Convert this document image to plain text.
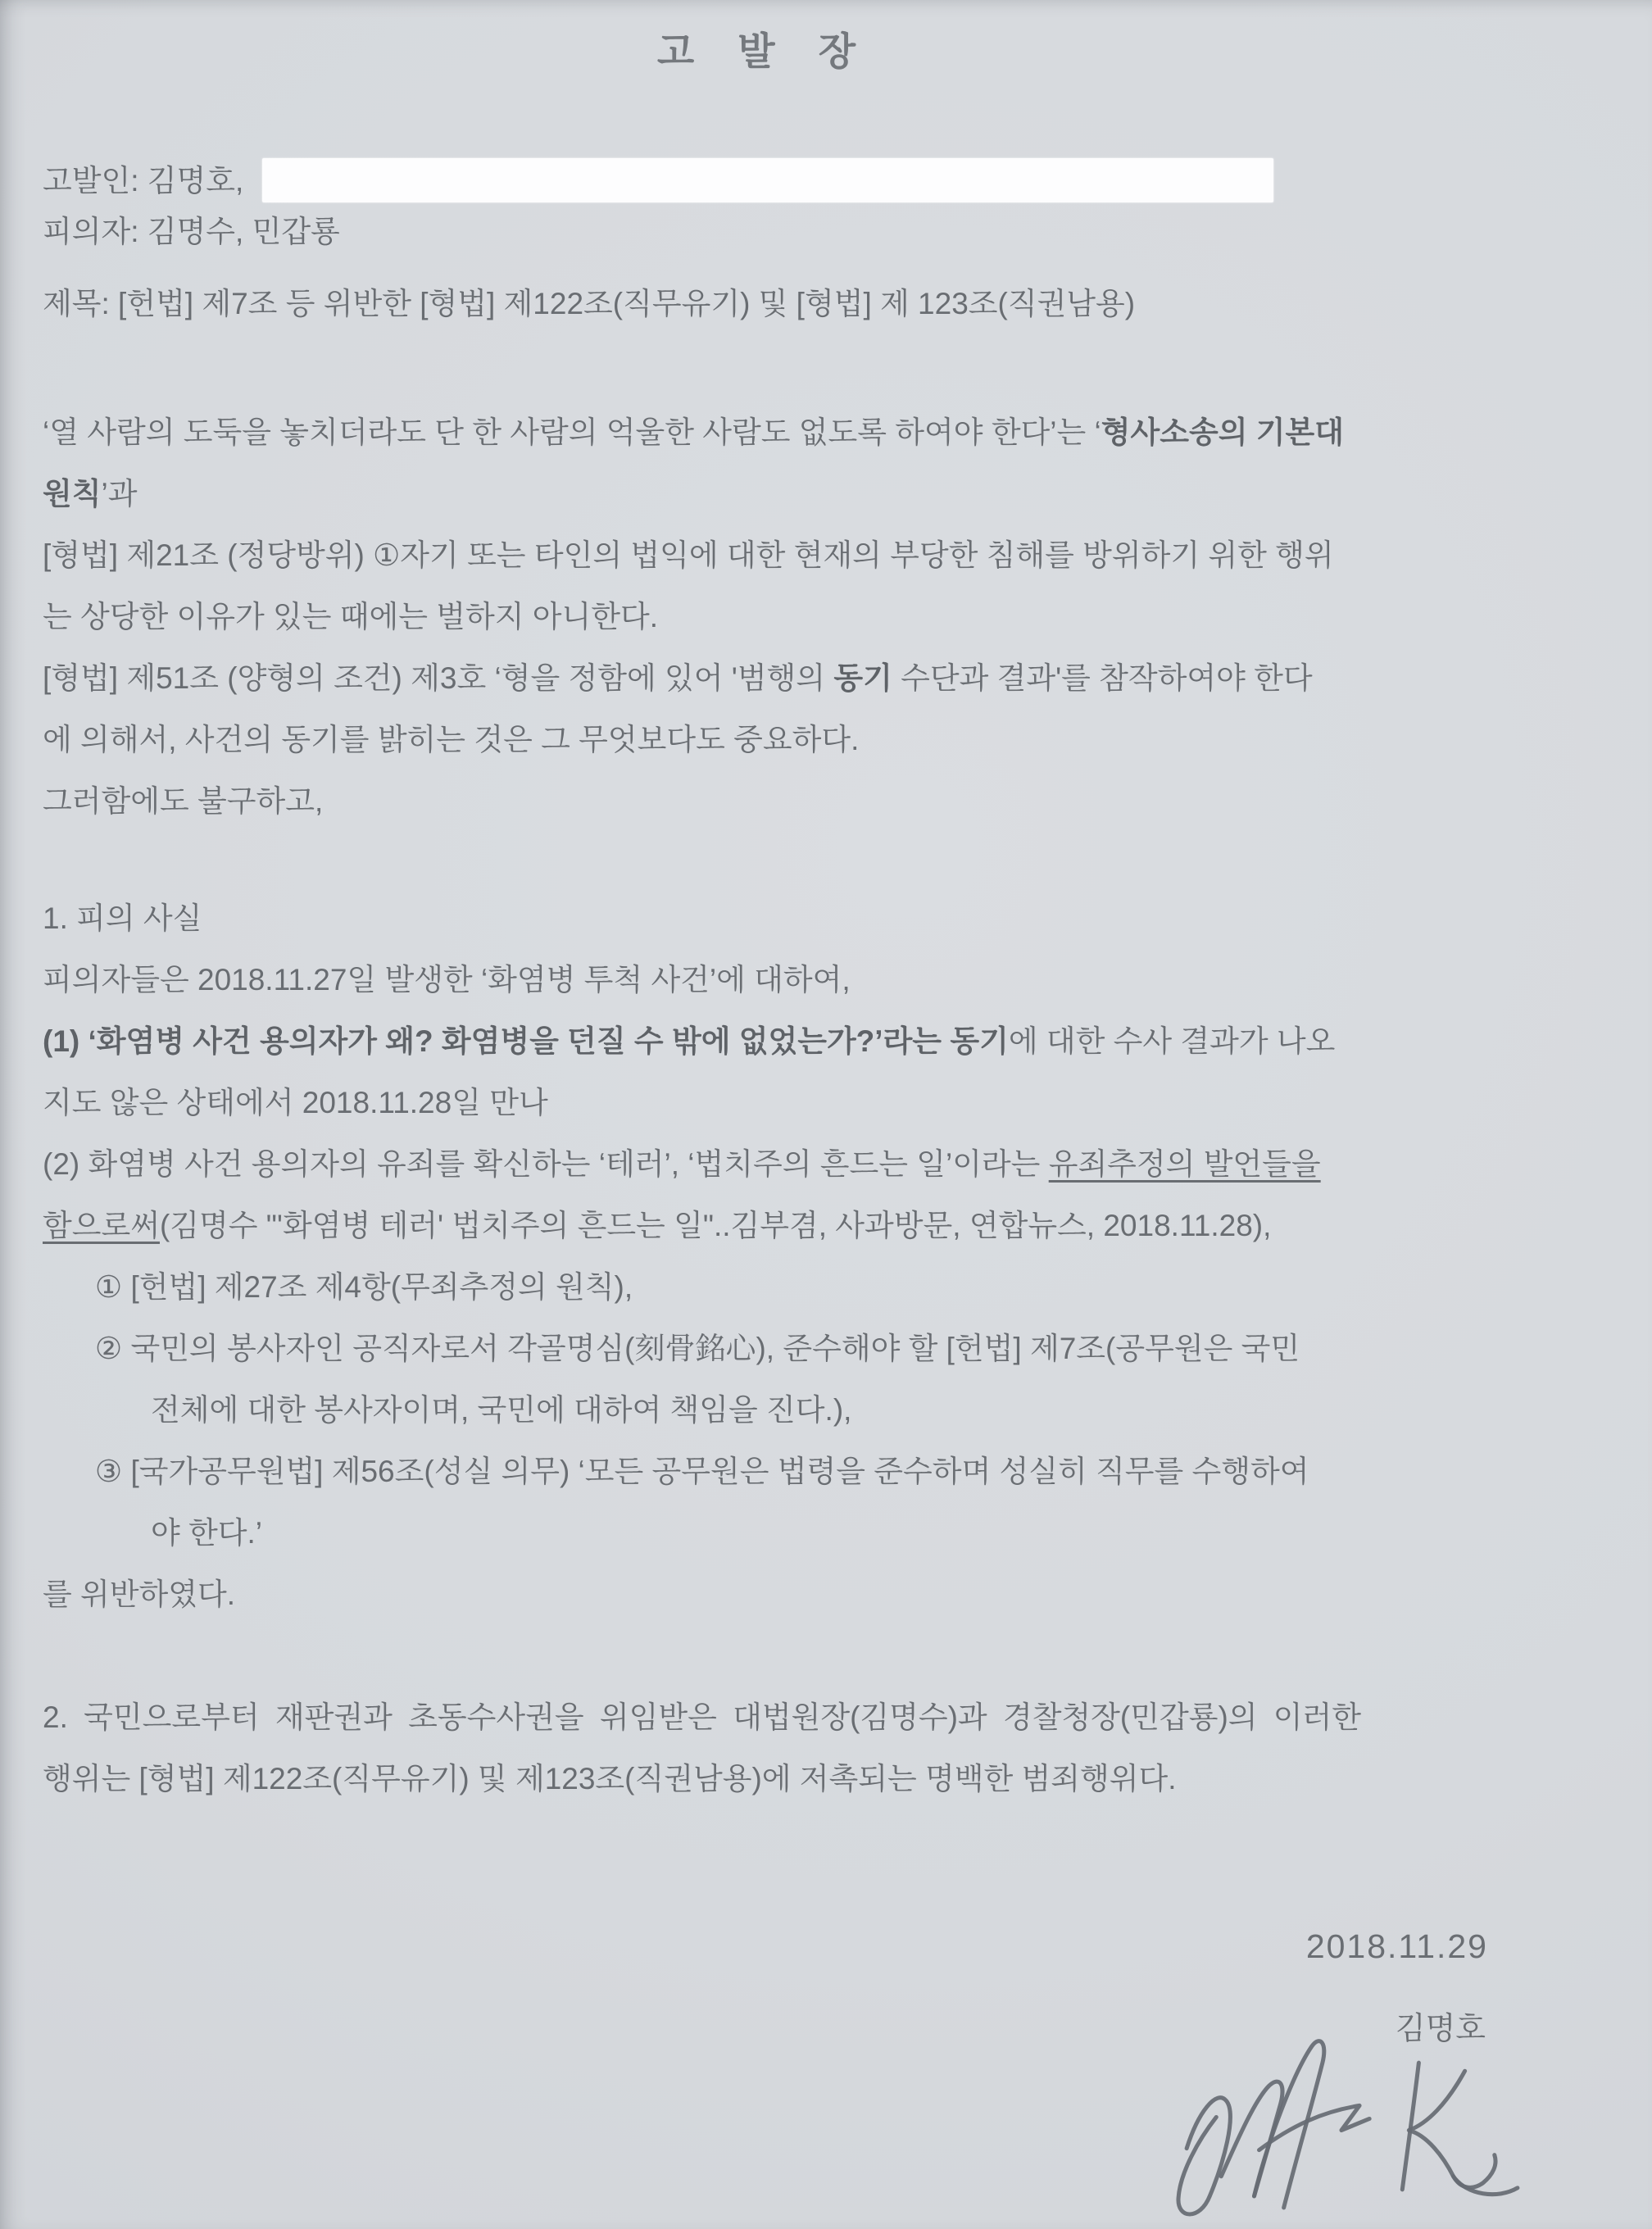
고 발 장
고발인: 김명호,
피의자: 김명수, 민갑룡
제목: [헌법] 제7조 등 위반한 [형법] 제122조(직무유기) 및 [형법] 제 123조(직권남용)
‘열 사람의 도둑을 놓치더라도 단 한 사람의 억울한 사람도 없도록 하여야 한다’는 ‘형사소송의 기본대
원칙’과
[형법] 제21조 (정당방위) ①자기 또는 타인의 법익에 대한 현재의 부당한 침해를 방위하기 위한 행위
는 상당한 이유가 있는 때에는 벌하지 아니한다.
[형법] 제51조 (양형의 조건) 제3호 ‘형을 정함에 있어 '범행의 동기 수단과 결과'를 참작하여야 한다
에 의해서, 사건의 동기를 밝히는 것은 그 무엇보다도 중요하다.
그러함에도 불구하고,
1. 피의 사실
피의자들은 2018.11.27일 발생한 ‘화염병 투척 사건’에 대하여,
(1) ‘화염병 사건 용의자가 왜? 화염병을 던질 수 밖에 없었는가?’라는 동기에 대한 수사 결과가 나오
지도 않은 상태에서 2018.11.28일 만나
(2) 화염병 사건 용의자의 유죄를 확신하는 ‘테러’, ‘법치주의 흔드는 일’이라는 유죄추정의 발언들을
함으로써(김명수 "'화염병 테러' 법치주의 흔드는 일"..김부겸, 사과방문, 연합뉴스, 2018.11.28),
① [헌법] 제27조 제4항(무죄추정의 원칙),
② 국민의 봉사자인 공직자로서 각골명심(刻骨銘心), 준수해야 할 [헌법] 제7조(공무원은 국민
전체에 대한 봉사자이며, 국민에 대하여 책임을 진다.),
③ [국가공무원법] 제56조(성실 의무) ‘모든 공무원은 법령을 준수하며 성실히 직무를 수행하여
야 한다.’
를 위반하였다.
2. 국민으로부터 재판권과 초동수사권을 위임받은 대법원장(김명수)과 경찰청장(민갑룡)의 이러한
행위는 [형법] 제122조(직무유기) 및 제123조(직권남용)에 저촉되는 명백한 범죄행위다.
2018.11.29
김명호
